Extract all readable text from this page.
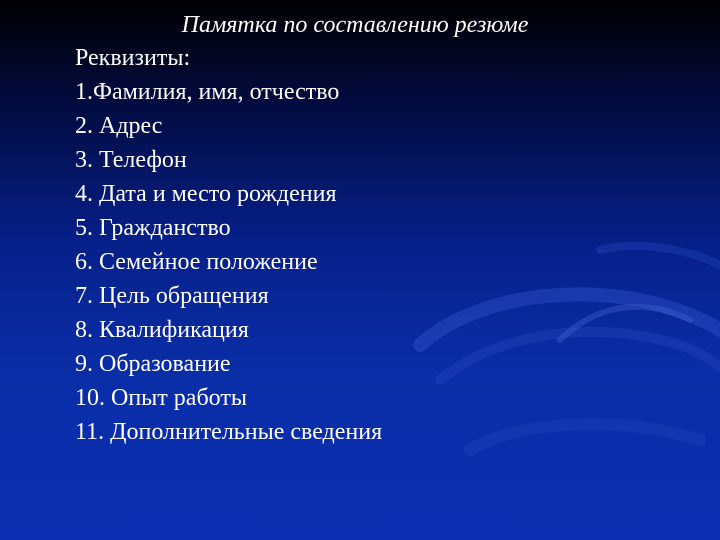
Памятка по составлению резюме
Реквизиты:
1.Фамилия, имя, отчество
2. Адрес
3. Телефон
4. Дата и место рождения
5. Гражданство
6. Семейное положение
7. Цель обращения
8. Квалификация
9. Образование
10. Опыт работы
11. Дополнительные сведения
